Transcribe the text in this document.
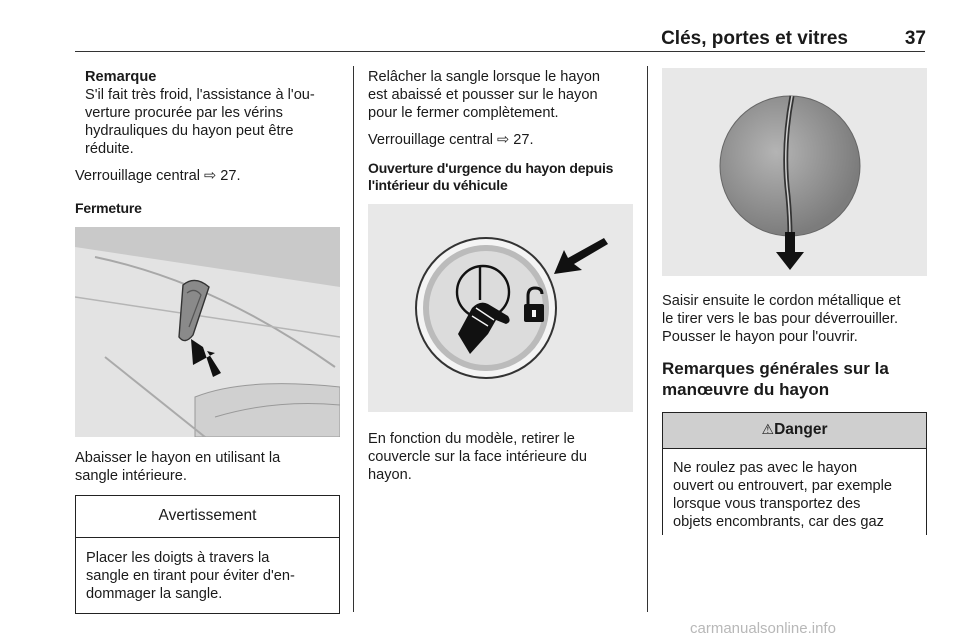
Clés, portes et vitres	37

Remarque

S'il fait très froid, l'assistance à l'ou-

verture procurée par les vérins

hydrauliques du hayon peut être

réduite.

Verrouillage central ⇨ 27.

Fermeture

Abaisser le hayon en utilisant la

sangle intérieure.

Avertissement

Placer les doigts à travers la

sangle en tirant pour éviter d'en-

dommager la sangle.

Relâcher la sangle lorsque le hayon

est abaissé et pousser sur le hayon

pour le fermer complètement.

Verrouillage central ⇨ 27.

Ouverture d'urgence du hayon depuis

l'intérieur du véhicule

En fonction du modèle, retirer le

couvercle sur la face intérieure du

hayon.

Saisir ensuite le cordon métallique et

le tirer vers le bas pour déverrouiller.

Pousser le hayon pour l'ouvrir.

Remarques générales sur la

manœuvre du hayon

⚠Danger

Ne roulez pas avec le hayon

ouvert ou entrouvert, par exemple

lorsque vous transportez des

objets encombrants, car des gaz

carmanualsonline.info
